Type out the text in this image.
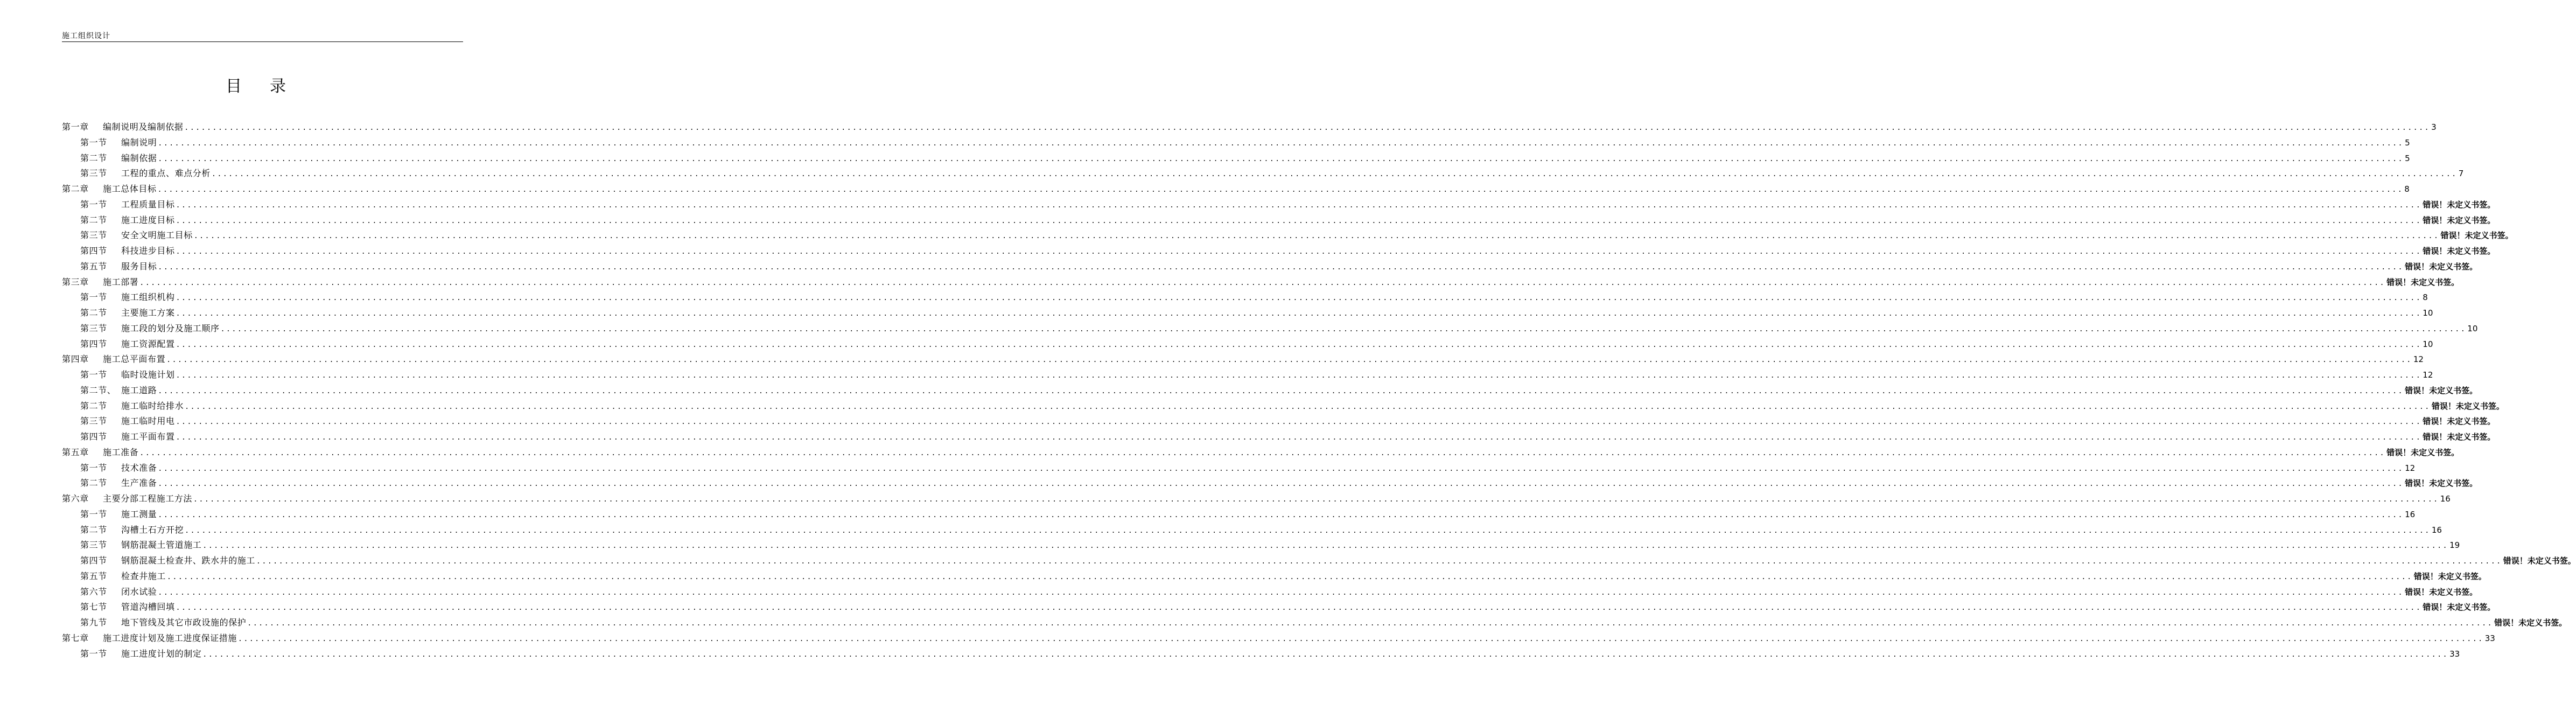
施工组织设计
目录
第一章 编制说明及编制依据 ................................................................................................................................................................................................................................................................................................................................................................................................................ 3
第一节 编制说明 ................................................................................................................................................................................................................................................................................................................................................................................................................ 5
第二节 编制依据 ................................................................................................................................................................................................................................................................................................................................................................................................................ 5
第三节 工程的重点、难点分析 ................................................................................................................................................................................................................................................................................................................................................................................................................ 7
第二章 施工总体目标 ................................................................................................................................................................................................................................................................................................................................................................................................................ 8
第一节 工程质量目标 ................................................................................................................................................................................................................................................................................................................................................................................................................ 错误！未定义书签。
第二节 施工进度目标 ................................................................................................................................................................................................................................................................................................................................................................................................................ 错误！未定义书签。
第三节 安全文明施工目标 ................................................................................................................................................................................................................................................................................................................................................................................................................ 错误！未定义书签。
第四节 科技进步目标 ................................................................................................................................................................................................................................................................................................................................................................................................................ 错误！未定义书签。
第五节 服务目标 ................................................................................................................................................................................................................................................................................................................................................................................................................ 错误！未定义书签。
第三章 施工部署 ................................................................................................................................................................................................................................................................................................................................................................................................................ 错误！未定义书签。
第一节 施工组织机构 ................................................................................................................................................................................................................................................................................................................................................................................................................ 8
第二节 主要施工方案 ................................................................................................................................................................................................................................................................................................................................................................................................................ 10
第三节 施工段的划分及施工顺序 ................................................................................................................................................................................................................................................................................................................................................................................................................ 10
第四节 施工资源配置 ................................................................................................................................................................................................................................................................................................................................................................................................................ 10
第四章 施工总平面布置 ................................................................................................................................................................................................................................................................................................................................................................................................................ 12
第一节 临时设施计划 ................................................................................................................................................................................................................................................................................................................................................................................................................ 12
第二节、 施工道路 ................................................................................................................................................................................................................................................................................................................................................................................................................ 错误！未定义书签。
第二节 施工临时给排水 ................................................................................................................................................................................................................................................................................................................................................................................................................ 错误！未定义书签。
第三节 施工临时用电 ................................................................................................................................................................................................................................................................................................................................................................................................................ 错误！未定义书签。
第四节 施工平面布置 ................................................................................................................................................................................................................................................................................................................................................................................................................ 错误！未定义书签。
第五章 施工准备 ................................................................................................................................................................................................................................................................................................................................................................................................................ 错误！未定义书签。
第一节 技术准备 ................................................................................................................................................................................................................................................................................................................................................................................................................ 12
第二节 生产准备 ................................................................................................................................................................................................................................................................................................................................................................................................................ 错误！未定义书签。
第六章 主要分部工程施工方法 ................................................................................................................................................................................................................................................................................................................................................................................................................ 16
第一节 施工测量 ................................................................................................................................................................................................................................................................................................................................................................................................................ 16
第二节 沟槽土石方开挖 ................................................................................................................................................................................................................................................................................................................................................................................................................ 16
第三节 钢筋混凝土管道施工 ................................................................................................................................................................................................................................................................................................................................................................................................................ 19
第四节 钢筋混凝土检查井、跌水井的施工 ................................................................................................................................................................................................................................................................................................................................................................................................................ 错误！未定义书签。
第五节 检查井施工 ................................................................................................................................................................................................................................................................................................................................................................................................................ 错误！未定义书签。
第六节 闭水试验 ................................................................................................................................................................................................................................................................................................................................................................................................................ 错误！未定义书签。
第七节 管道沟槽回填 ................................................................................................................................................................................................................................................................................................................................................................................................................ 错误！未定义书签。
第九节 地下管线及其它市政设施的保护 ................................................................................................................................................................................................................................................................................................................................................................................................................ 错误！未定义书签。
第七章 施工进度计划及施工进度保证措施 ................................................................................................................................................................................................................................................................................................................................................................................................................ 33
第一节 施工进度计划的制定 ................................................................................................................................................................................................................................................................................................................................................................................................................ 33
